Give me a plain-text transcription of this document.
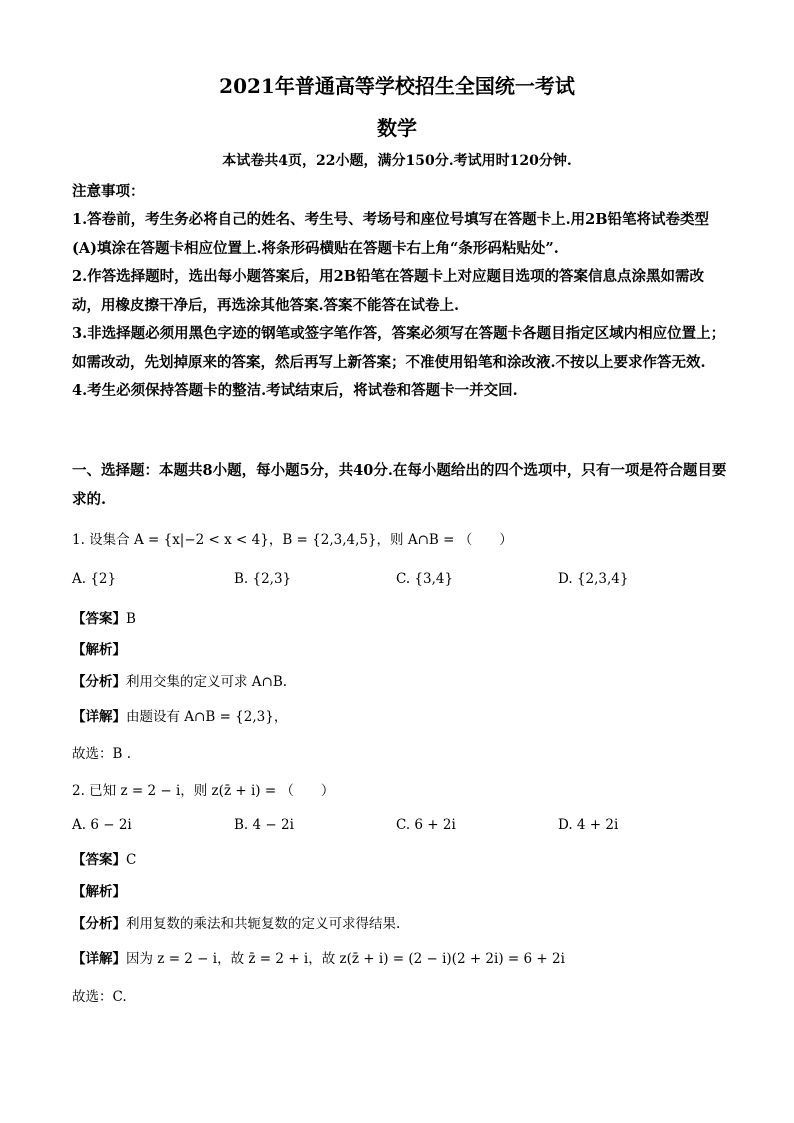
2021年普通高等学校招生全国统一考试
数学
本试卷共4页，22小题，满分150分.考试用时120分钟.
注意事项：

1.答卷前，考生务必将自己的姓名、考生号、考场号和座位号填写在答题卡上.用2B铅笔将试卷类型(A)填涂在答题卡相应位置上.将条形码横贴在答题卡右上角“条形码粘贴处”.

2.作答选择题时，选出每小题答案后，用2B铅笔在答题卡上对应题目选项的答案信息点涂黑如需改动，用橡皮擦干净后，再选涂其他答案.答案不能答在试卷上.

3.非选择题必须用黑色字迹的钢笔或签字笔作答，答案必须写在答题卡各题目指定区域内相应位置上；如需改动，先划掉原来的答案，然后再写上新答案；不准使用铅笔和涂改液.不按以上要求作答无效.

4.考生必须保持答题卡的整洁.考试结束后，将试卷和答题卡一并交回.

一、选择题：本题共8小题，每小题5分，共40分.在每小题给出的四个选项中，只有一项是符合题目要求的.

1. 设集合 A = {x|−2 < x < 4}，B = {2,3,4,5}，则 A∩B = （　　）
A. {2}	B. {2,3}	C. {3,4}	D. {2,3,4}
【答案】B
【解析】
【分析】利用交集的定义可求 A∩B.
【详解】由题设有 A∩B = {2,3}，
故选：B .
2. 已知 z = 2 − i，则 z(z̄ + i) = （　　）
A. 6 − 2i	B. 4 − 2i	C. 6 + 2i	D. 4 + 2i
【答案】C
【解析】
【分析】利用复数的乘法和共轭复数的定义可求得结果.
【详解】因为 z = 2 − i，故 z̄ = 2 + i，故 z(z̄ + i) = (2 − i)(2 + 2i) = 6 + 2i
故选：C.
